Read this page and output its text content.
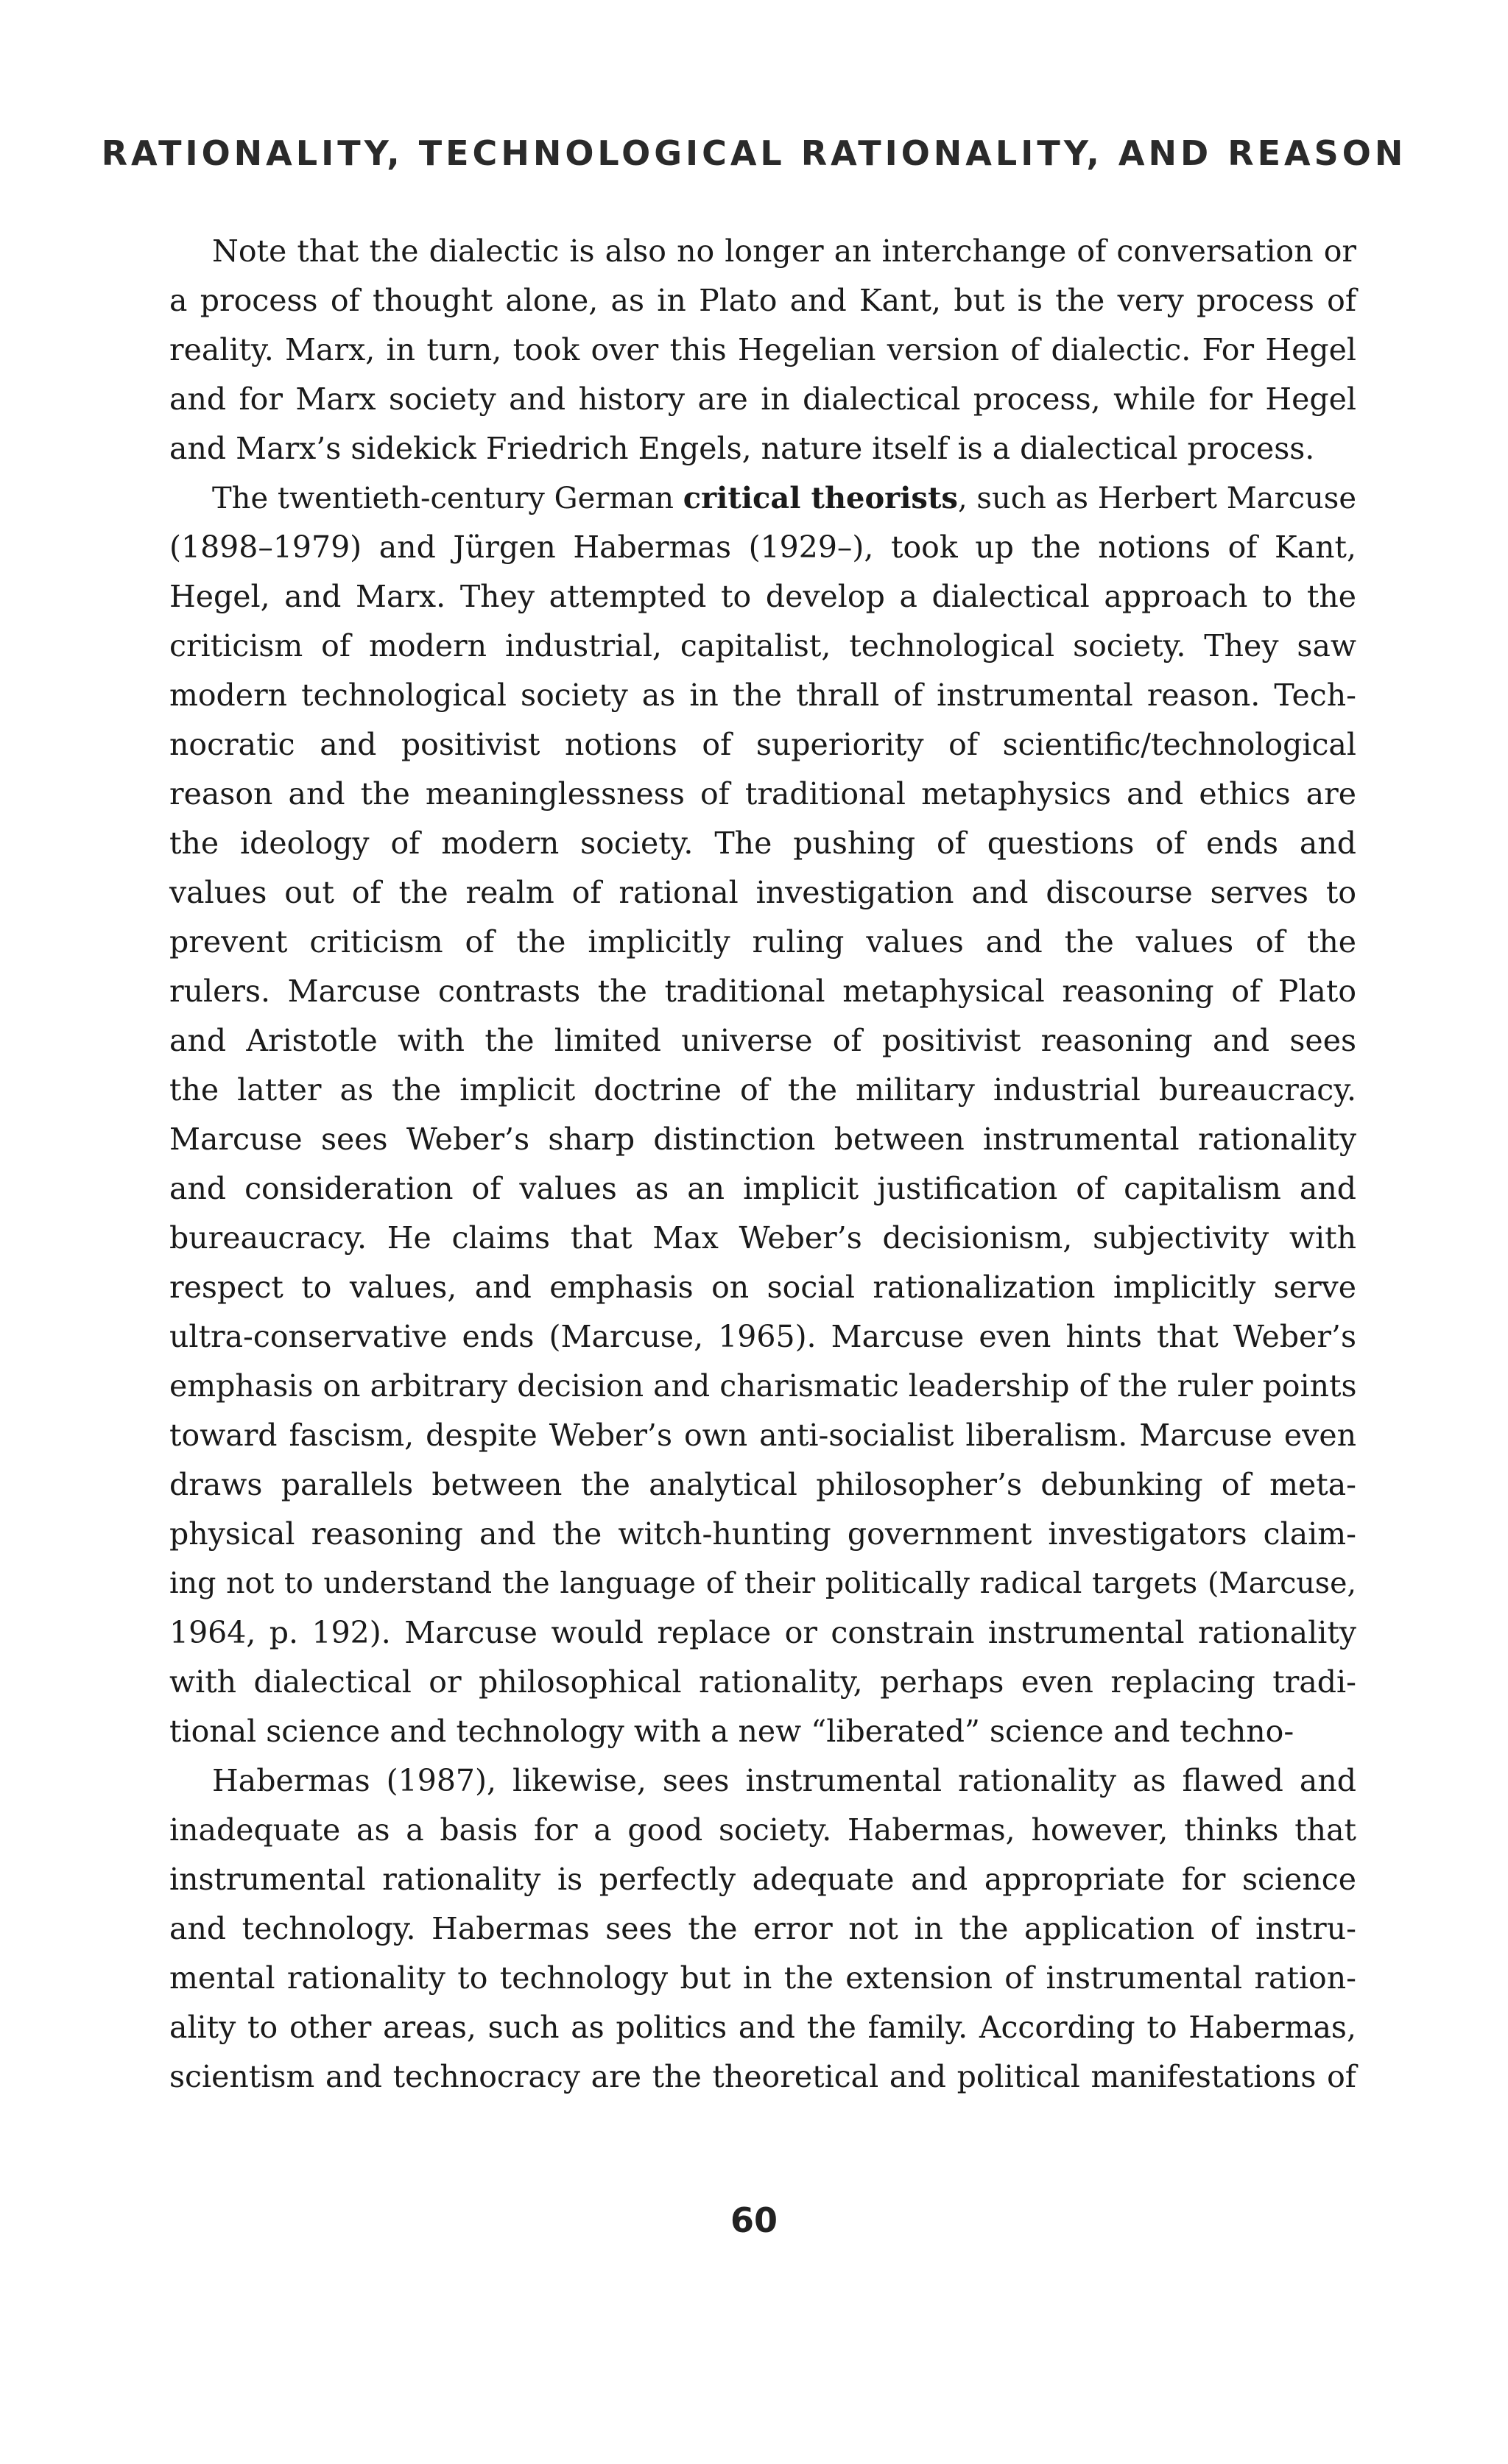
RATIONALITY, TECHNOLOGICAL RATIONALITY, AND REASON
Note that the dialectic is also no longer an interchange of conversation or
a process of thought alone, as in Plato and Kant, but is the very process of
reality. Marx, in turn, took over this Hegelian version of dialectic. For Hegel
and for Marx society and history are in dialectical process, while for Hegel
and Marx’s sidekick Friedrich Engels, nature itself is a dialectical process.
The twentieth-century German critical theorists, such as Herbert Marcuse
(1898–1979) and Jürgen Habermas (1929–), took up the notions of Kant,
Hegel, and Marx. They attempted to develop a dialectical approach to the
criticism of modern industrial, capitalist, technological society. They saw
modern technological society as in the thrall of instrumental reason. Tech-
nocratic and positivist notions of superiority of scientific/technological
reason and the meaninglessness of traditional metaphysics and ethics are
the ideology of modern society. The pushing of questions of ends and
values out of the realm of rational investigation and discourse serves to
prevent criticism of the implicitly ruling values and the values of the
rulers. Marcuse contrasts the traditional metaphysical reasoning of Plato
and Aristotle with the limited universe of positivist reasoning and sees
the latter as the implicit doctrine of the military industrial bureaucracy.
Marcuse sees Weber’s sharp distinction between instrumental rationality
and consideration of values as an implicit justification of capitalism and
bureaucracy. He claims that Max Weber’s decisionism, subjectivity with
respect to values, and emphasis on social rationalization implicitly serve
ultra-conservative ends (Marcuse, 1965). Marcuse even hints that Weber’s
emphasis on arbitrary decision and charismatic leadership of the ruler points
toward fascism, despite Weber’s own anti-socialist liberalism. Marcuse even
draws parallels between the analytical philosopher’s debunking of meta-
physical reasoning and the witch-hunting government investigators claim-
ing not to understand the language of their politically radical targets (Marcuse,
1964, p. 192). Marcuse would replace or constrain instrumental rationality
with dialectical or philosophical rationality, perhaps even replacing tradi-
tional science and technology with a new “liberated” science and techno-
Habermas (1987), likewise, sees instrumental rationality as flawed and
inadequate as a basis for a good society. Habermas, however, thinks that
instrumental rationality is perfectly adequate and appropriate for science
and technology. Habermas sees the error not in the application of instru-
mental rationality to technology but in the extension of instrumental ration-
ality to other areas, such as politics and the family. According to Habermas,
scientism and technocracy are the theoretical and political manifestations of
60
